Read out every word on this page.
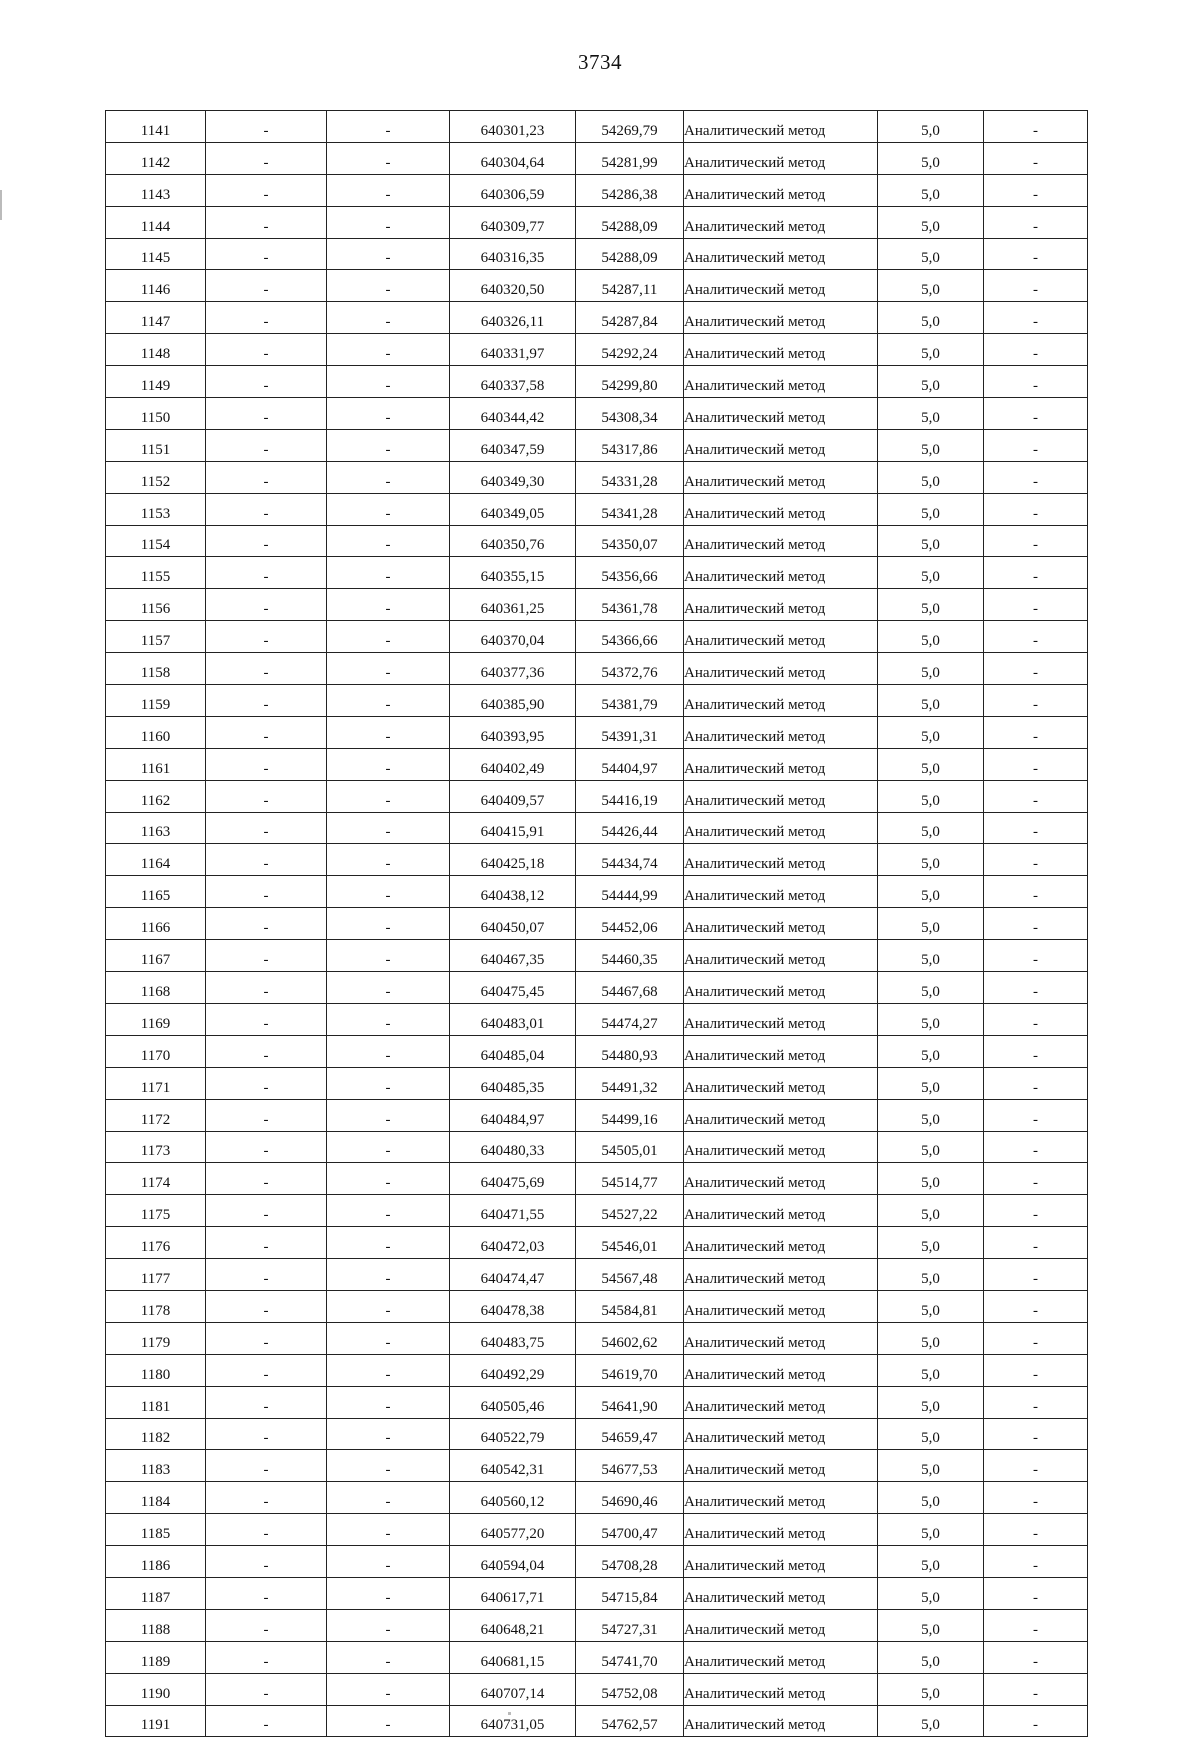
3734
1141	-	-	640301,23	54269,79	Аналитический метод	5,0	-
1142	-	-	640304,64	54281,99	Аналитический метод	5,0	-
1143	-	-	640306,59	54286,38	Аналитический метод	5,0	-
1144	-	-	640309,77	54288,09	Аналитический метод	5,0	-
1145	-	-	640316,35	54288,09	Аналитический метод	5,0	-
1146	-	-	640320,50	54287,11	Аналитический метод	5,0	-
1147	-	-	640326,11	54287,84	Аналитический метод	5,0	-
1148	-	-	640331,97	54292,24	Аналитический метод	5,0	-
1149	-	-	640337,58	54299,80	Аналитический метод	5,0	-
1150	-	-	640344,42	54308,34	Аналитический метод	5,0	-
1151	-	-	640347,59	54317,86	Аналитический метод	5,0	-
1152	-	-	640349,30	54331,28	Аналитический метод	5,0	-
1153	-	-	640349,05	54341,28	Аналитический метод	5,0	-
1154	-	-	640350,76	54350,07	Аналитический метод	5,0	-
1155	-	-	640355,15	54356,66	Аналитический метод	5,0	-
1156	-	-	640361,25	54361,78	Аналитический метод	5,0	-
1157	-	-	640370,04	54366,66	Аналитический метод	5,0	-
1158	-	-	640377,36	54372,76	Аналитический метод	5,0	-
1159	-	-	640385,90	54381,79	Аналитический метод	5,0	-
1160	-	-	640393,95	54391,31	Аналитический метод	5,0	-
1161	-	-	640402,49	54404,97	Аналитический метод	5,0	-
1162	-	-	640409,57	54416,19	Аналитический метод	5,0	-
1163	-	-	640415,91	54426,44	Аналитический метод	5,0	-
1164	-	-	640425,18	54434,74	Аналитический метод	5,0	-
1165	-	-	640438,12	54444,99	Аналитический метод	5,0	-
1166	-	-	640450,07	54452,06	Аналитический метод	5,0	-
1167	-	-	640467,35	54460,35	Аналитический метод	5,0	-
1168	-	-	640475,45	54467,68	Аналитический метод	5,0	-
1169	-	-	640483,01	54474,27	Аналитический метод	5,0	-
1170	-	-	640485,04	54480,93	Аналитический метод	5,0	-
1171	-	-	640485,35	54491,32	Аналитический метод	5,0	-
1172	-	-	640484,97	54499,16	Аналитический метод	5,0	-
1173	-	-	640480,33	54505,01	Аналитический метод	5,0	-
1174	-	-	640475,69	54514,77	Аналитический метод	5,0	-
1175	-	-	640471,55	54527,22	Аналитический метод	5,0	-
1176	-	-	640472,03	54546,01	Аналитический метод	5,0	-
1177	-	-	640474,47	54567,48	Аналитический метод	5,0	-
1178	-	-	640478,38	54584,81	Аналитический метод	5,0	-
1179	-	-	640483,75	54602,62	Аналитический метод	5,0	-
1180	-	-	640492,29	54619,70	Аналитический метод	5,0	-
1181	-	-	640505,46	54641,90	Аналитический метод	5,0	-
1182	-	-	640522,79	54659,47	Аналитический метод	5,0	-
1183	-	-	640542,31	54677,53	Аналитический метод	5,0	-
1184	-	-	640560,12	54690,46	Аналитический метод	5,0	-
1185	-	-	640577,20	54700,47	Аналитический метод	5,0	-
1186	-	-	640594,04	54708,28	Аналитический метод	5,0	-
1187	-	-	640617,71	54715,84	Аналитический метод	5,0	-
1188	-	-	640648,21	54727,31	Аналитический метод	5,0	-
1189	-	-	640681,15	54741,70	Аналитический метод	5,0	-
1190	-	-	640707,14	54752,08	Аналитический метод	5,0	-
1191	-	-	640731,05	54762,57	Аналитический метод	5,0	-
